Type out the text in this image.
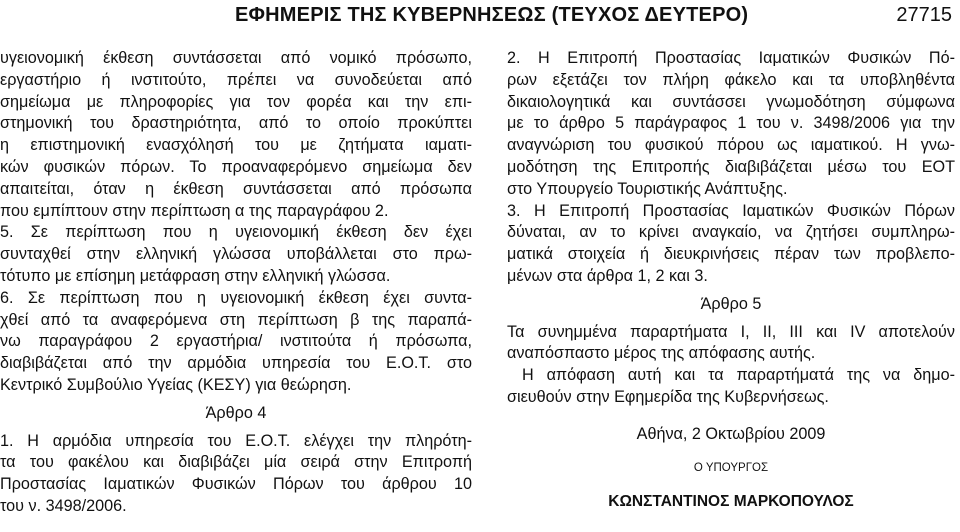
ΕΦΗΜΕΡΙΣ ΤΗΣ ΚΥΒΕΡΝΗΣΕΩΣ (ΤΕΥΧΟΣ ΔΕΥΤΕΡΟ)	27715
υγειονομική έκθεση συντάσσεται από νομικό πρόσωπο,
εργαστήριο ή ινστιτούτο, πρέπει να συνοδεύεται από
σημείωμα με πληροφορίες για τον φορέα και την επι-
στημονική του δραστηριότητα, από το οποίο προκύπτει
η επιστημονική ενασχόλησή του με ζητήματα ιαματι-
κών φυσικών πόρων. Το προαναφερόμενο σημείωμα δεν
απαιτείται, όταν η έκθεση συντάσσεται από πρόσωπα
που εμπίπτουν στην περίπτωση α της παραγράφου 2.
5. Σε περίπτωση που η υγειονομική έκθεση δεν έχει
συνταχθεί στην ελληνική γλώσσα υποβάλλεται στο πρω-
τότυπο με επίσημη μετάφραση στην ελληνική γλώσσα.
6. Σε περίπτωση που η υγειονομική έκθεση έχει συντα-
χθεί από τα αναφερόμενα στη περίπτωση β της παραπά-
νω παραγράφου 2 εργαστήρια/ ινστιτούτα ή πρόσωπα,
διαβιβάζεται από την αρμόδια υπηρεσία του Ε.Ο.Τ. στο
Κεντρικό Συμβούλιο Υγείας (ΚΕΣΥ) για θεώρηση.
Άρθρο 4
1. Η αρμόδια υπηρεσία του Ε.Ο.Τ. ελέγχει την πληρότη-
τα του φακέλου και διαβιβάζει μία σειρά στην Επιτροπή
Προστασίας Ιαματικών Φυσικών Πόρων του άρθρου 10
του ν. 3498/2006.
2. Η Επιτροπή Προστασίας Ιαματικών Φυσικών Πό-
ρων εξετάζει τον πλήρη φάκελο και τα υποβληθέντα
δικαιολογητικά και συντάσσει γνωμοδότηση σύμφωνα
με το άρθρο 5 παράγραφος 1 του ν. 3498/2006 για την
αναγνώριση του φυσικού πόρου ως ιαματικού. Η γνω-
μοδότηση της Επιτροπής διαβιβάζεται μέσω του ΕΟΤ
στο Υπουργείο Τουριστικής Ανάπτυξης.
3. Η Επιτροπή Προστασίας Ιαματικών Φυσικών Πόρων
δύναται, αν το κρίνει αναγκαίο, να ζητήσει συμπληρω-
ματικά στοιχεία ή διευκρινήσεις πέραν των προβλεπο-
μένων στα άρθρα 1, 2 και 3.
Άρθρο 5
Τα συνημμένα παραρτήματα I, II, III και IV αποτελούν
αναπόσπαστο μέρος της απόφασης αυτής.
Η απόφαση αυτή και τα παραρτήματά της να δημο-
σιευθούν στην Εφημερίδα της Κυβερνήσεως.
Αθήνα, 2 Οκτωβρίου 2009
Ο ΥΠΟΥΡΓΟΣ
ΚΩΝΣΤΑΝΤΙΝΟΣ ΜΑΡΚΟΠΟΥΛΟΣ
